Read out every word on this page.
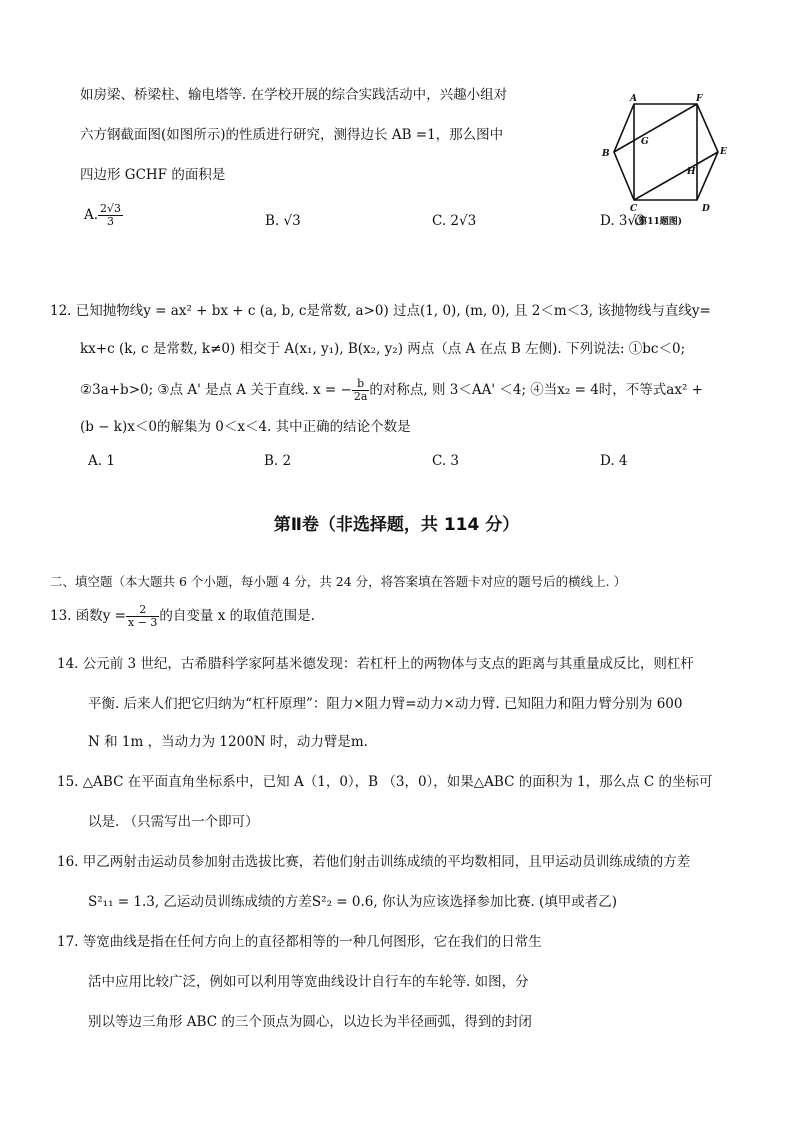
如房梁、桥梁柱、输电塔等. 在学校开展的综合实践活动中，兴趣小组对
六方钢截面图(如图所示)的性质进行研究，测得边长 AB =1，那么图中
四边形 GCHF 的面积是
A. $\frac{2√3}{3}$	B. √3	C. 2√3	D. 3√3
A	F
G
B	E
H
C	D
(第11题图)
12. 已知抛物线y = ax² + bx + c (a, b, c是常数, a>0) 过点(1, 0), (m, 0), 且 2＜m＜3, 该抛物线与直线y=
kx+c (k, c 是常数, k≠0) 相交于 A(x₁, y₁), B(x₂, y₂) 两点（点 A 在点 B 左侧). 下列说法: ①bc＜0;
②3a+b>0; ③点 A' 是点 A 关于直线. x = − $\frac{b}{2a}$ 的对称点, 则 3＜AA' ＜4; ④当x₂ = 4时，不等式ax² +
(b − k)x＜0的解集为 0＜x＜4. 其中正确的结论个数是
A. 1	B. 2	C. 3	D. 4
第Ⅱ卷（非选择题，共 114 分）
二、填空题（本大题共 6 个小题，每小题 4 分，共 24 分，将答案填在答题卡对应的题号后的横线上. ）
13. 函数$y = \frac{2}{x - 3}$ 的自变量 x 的取值范围是.
14. 公元前 3 世纪，古希腊科学家阿基米德发现：若杠杆上的两物体与支点的距离与其重量成反比，则杠杆
平衡. 后来人们把它归纳为“杠杆原理”：阻力×阻力臂=动力×动力臂. 已知阻力和阻力臂分别为 600
N 和 1m ，当动力为 1200N 时，动力臂是m.
15. △ABC 在平面直角坐标系中，已知 A（1，0），B （3，0），如果△ABC 的面积为 1，那么点 C 的坐标可
以是. （只需写出一个即可）
16. 甲乙两射击运动员参加射击选拔比赛，若他们射击训练成绩的平均数相同，且甲运动员训练成绩的方差
S²₁₁ = 1.3, 乙运动员训练成绩的方差S²₂ = 0.6, 你认为应该选择参加比赛. (填甲或者乙)
17. 等宽曲线是指在任何方向上的直径都相等的一种几何图形，它在我们的日常生
活中应用比较广泛，例如可以利用等宽曲线设计自行车的车轮等. 如图，分
别以等边三角形 ABC 的三个顶点为圆心，以边长为半径画弧，得到的封闭
